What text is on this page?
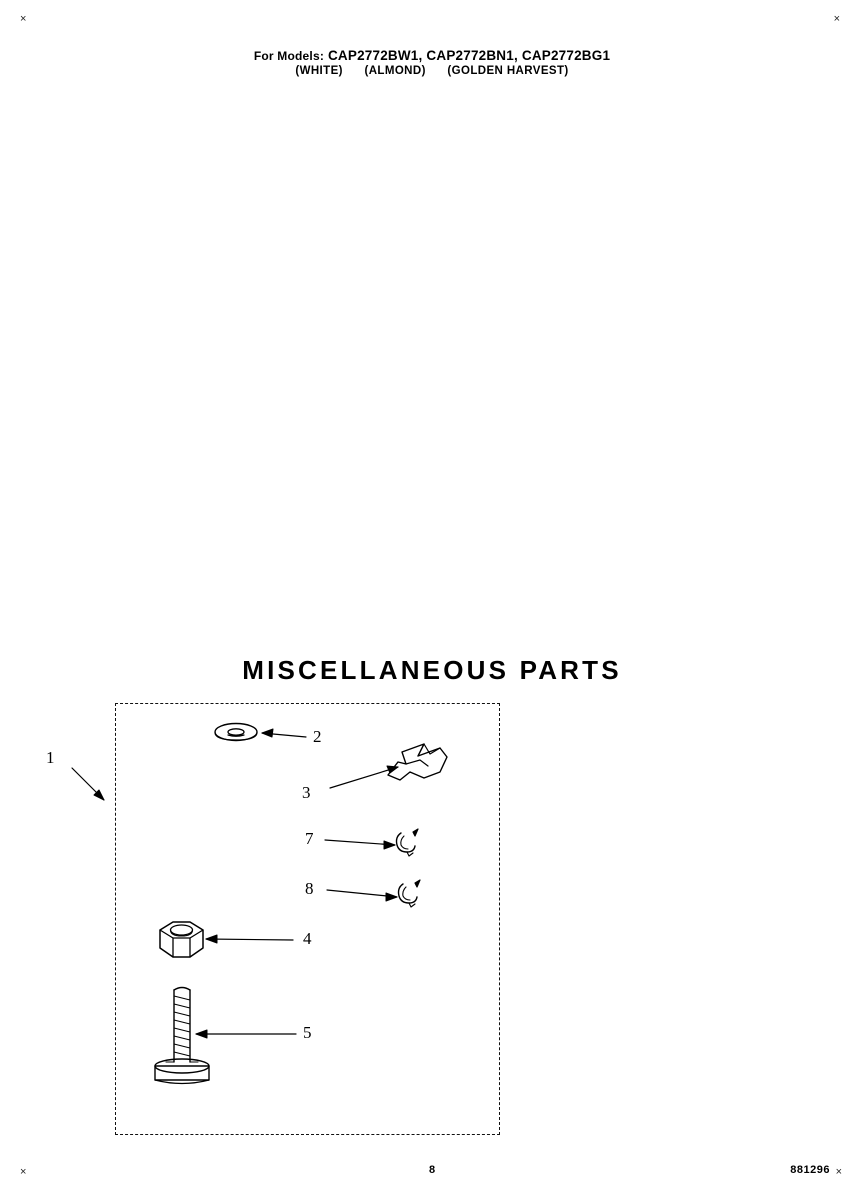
×	×
×	×
For Models: CAP2772BW1, CAP2772BN1, CAP2772BG1
(WHITE) (ALMOND) (GOLDEN HARVEST)
MISCELLANEOUS PARTS
1
2
3
7
8
4
5
8	881296
